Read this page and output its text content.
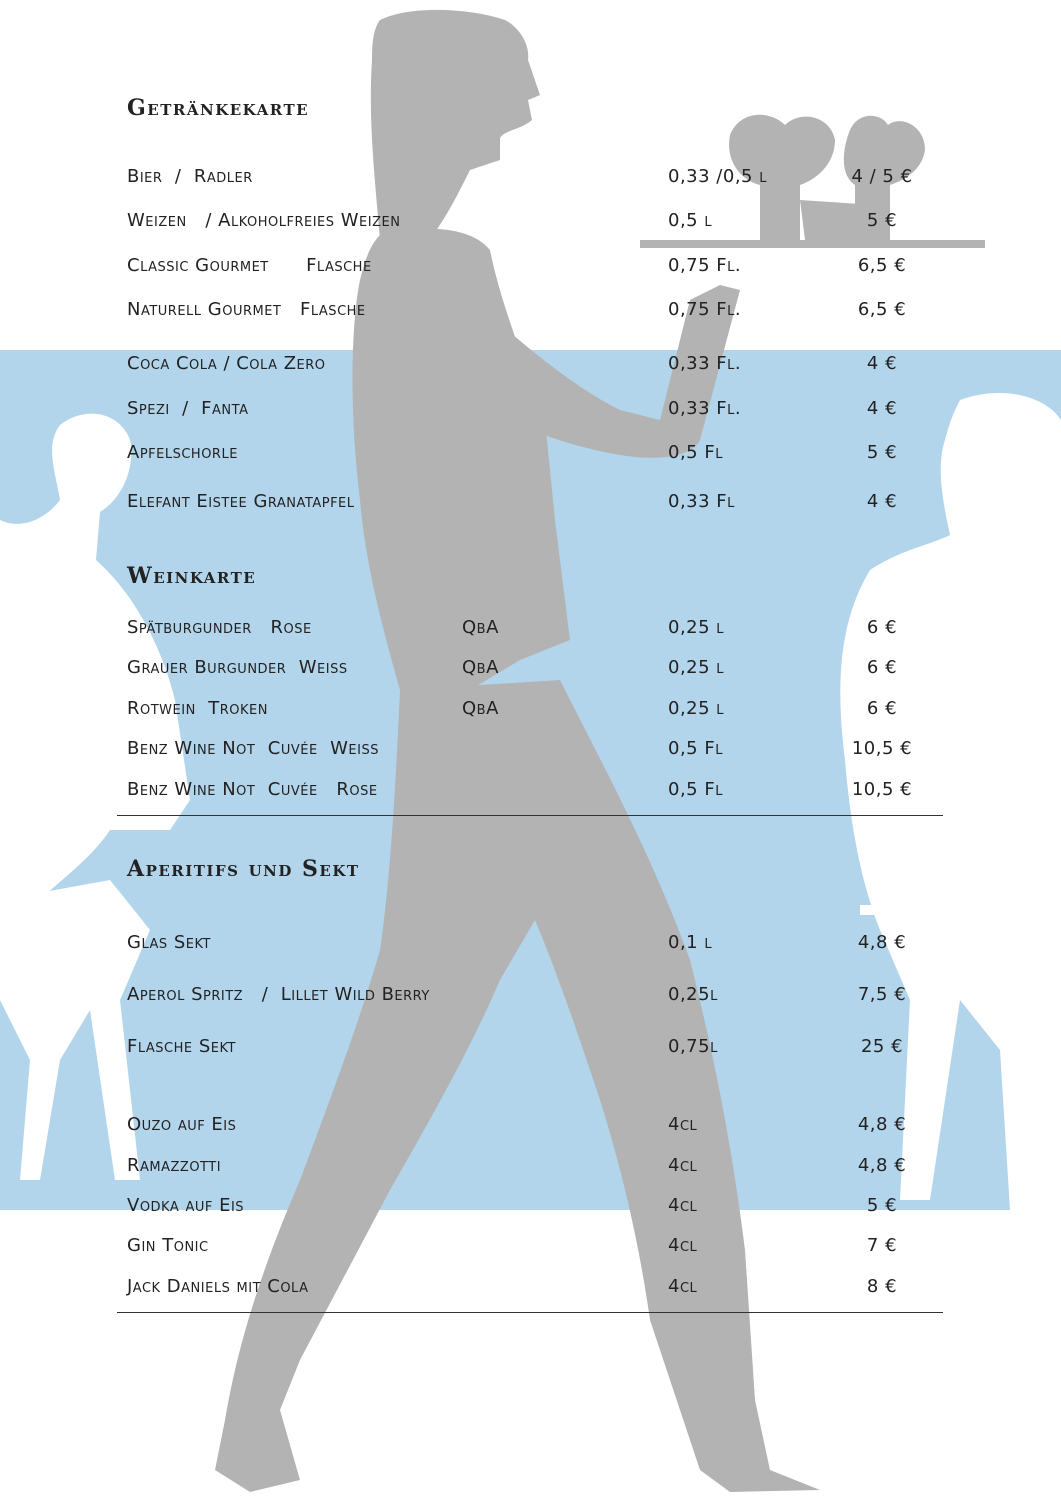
Getränkekarte
Bier  /  Radler	0,33 /0,5 l	4 / 5 €
Weizen   / Alkoholfreies Weizen	0,5 l	5 €
Classic Gourmet      Flasche	0,75 Fl.	6,5 €
Naturell Gourmet   Flasche	0,75 Fl.	6,5 €
Coca Cola / Cola Zero	0,33 Fl.	4 €
Spezi  /  Fanta	0,33 Fl.	4 €
Apfelschorle	0,5 Fl	5 €
Elefant Eistee Granatapfel	0,33 Fl	4 €
Weinkarte
Spätburgunder   Rose	QbA	0,25 l	6 €
Grauer Burgunder  Weiss	QbA	0,25 l	6 €
Rotwein  Troken	QbA	0,25 l	6 €
Benz Wine Not  Cuvée  Weiss	0,5 Fl	10,5 €
Benz Wine Not  Cuvée   Rose	0,5 Fl	10,5 €
Aperitifs und Sekt
Glas Sekt	0,1 l	4,8 €
Aperol Spritz   /  Lillet Wild Berry	0,25l	7,5 €
Flasche Sekt	0,75l	25 €
Ouzo auf Eis	4cl	4,8 €
Ramazzotti	4cl	4,8 €
Vodka auf Eis	4cl	5 €
Gin Tonic	4cl	7 €
Jack Daniels mit Cola	4cl	8 €
